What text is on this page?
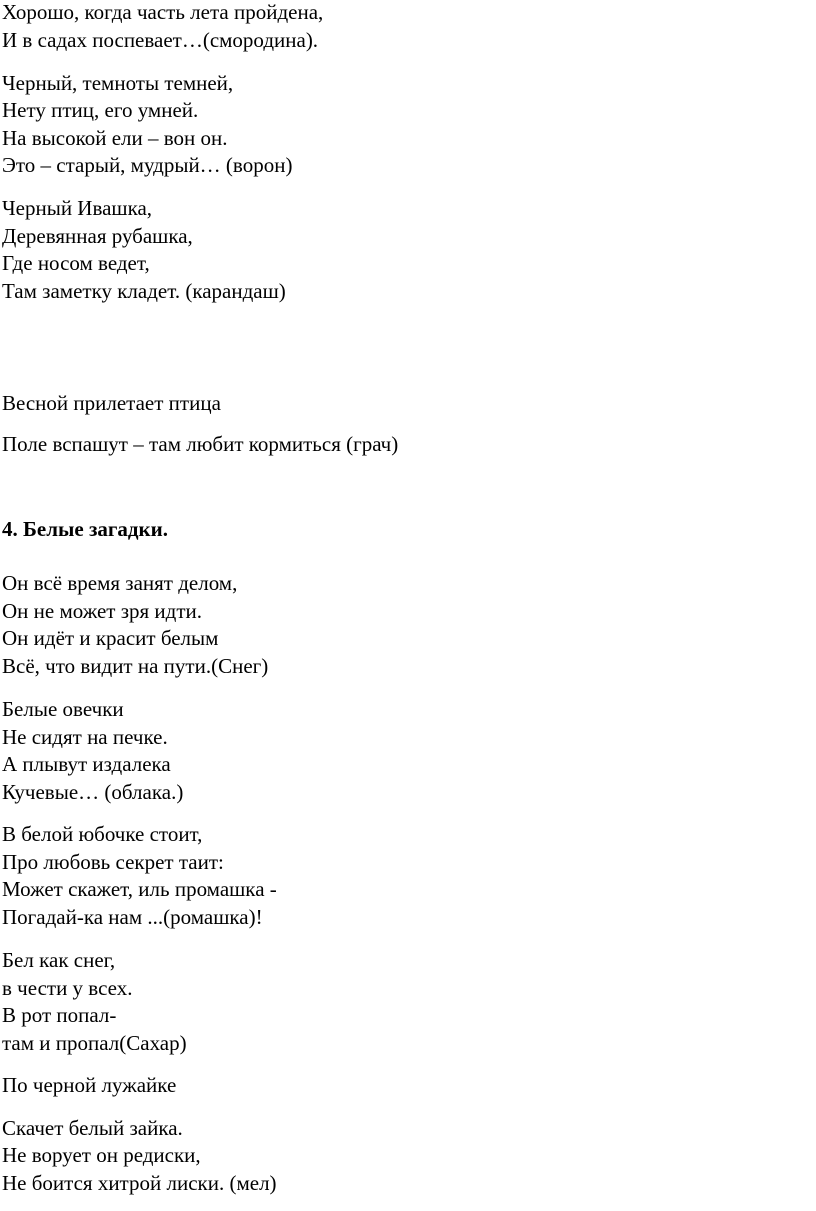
Хорошо, когда часть лета пройдена,
И в садах поспевает…(смородина).
Черный, темноты темней,
Нету птиц, его умней.
На высокой ели – вон он.
Это – старый, мудрый… (ворон)
Черный Ивашка,
Деревянная рубашка,
Где носом ведет,
Там заметку кладет. (карандаш)
Весной прилетает птица
Поле вспашут – там любит кормиться (грач)
4. Белые загадки.
Он всё время занят делом,
Он не может зря идти.
Он идёт и красит белым
Всё, что видит на пути.(Снег)
Белые овечки
Не сидят на печке.
А плывут издалека
Кучевые… (облака.)
В белой юбочке стоит,
Про любовь секрет таит:
Может скажет, иль промашка -
Погадай-ка нам ...(ромашка)!
Бел как снег,
в чести у всех.
В рот попал-
там и пропал(Сахар)
По черной лужайке
Скачет белый зайка.
Не ворует он редиски,
Не боится хитрой лиски. (мел)
